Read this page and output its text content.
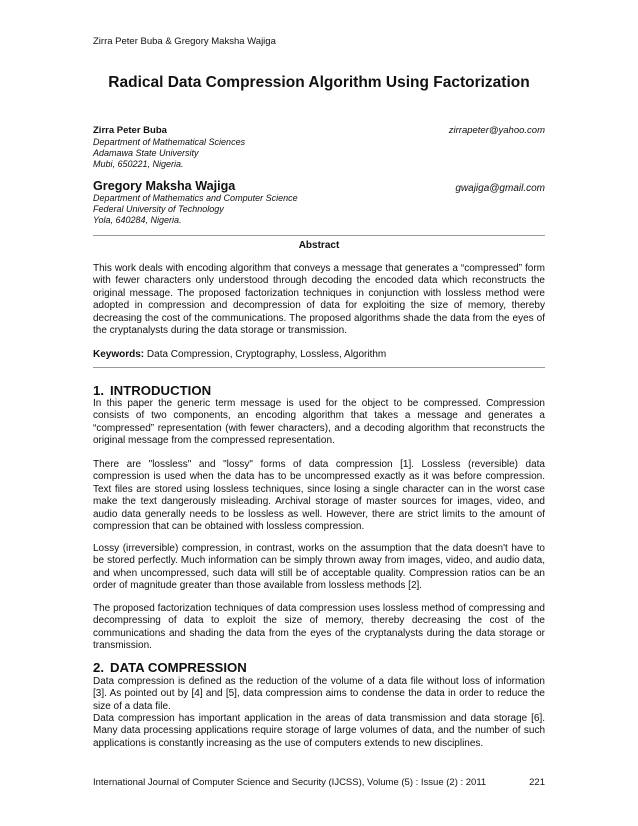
Zirra Peter Buba & Gregory Maksha Wajiga
Radical Data Compression Algorithm Using Factorization
Zirra Peter Buba	zirrapeter@yahoo.com
Department of Mathematical Sciences
Adamawa State University
Mubi, 650221, Nigeria.
Gregory Maksha Wajiga	gwajiga@gmail.com
Department of Mathematics and Computer Science
Federal University of Technology
Yola, 640284, Nigeria.
Abstract

This work deals with encoding algorithm that conveys a message that generates a “compressed” form with fewer characters only understood through decoding the encoded data which reconstructs the original message. The proposed factorization techniques in conjunction with lossless method were adopted in compression and decompression of data for exploiting the size of memory, thereby decreasing the cost of the communications. The proposed algorithms shade the data from the eyes of the cryptanalysts during the data storage or transmission.

Keywords: Data Compression, Cryptography, Lossless, Algorithm
1. INTRODUCTION

In this paper the generic term message is used for the object to be compressed. Compression consists of two components, an encoding algorithm that takes a message and generates a “compressed” representation (with fewer characters), and a decoding algorithm that reconstructs the original message from the compressed representation.

There are "lossless" and "lossy" forms of data compression [1]. Lossless (reversible) data compression is used when the data has to be uncompressed exactly as it was before compression. Text files are stored using lossless techniques, since losing a single character can in the worst case make the text dangerously misleading. Archival storage of master sources for images, video, and audio data generally needs to be lossless as well. However, there are strict limits to the amount of compression that can be obtained with lossless compression.

Lossy (irreversible) compression, in contrast, works on the assumption that the data doesn't have to be stored perfectly. Much information can be simply thrown away from images, video, and audio data, and when uncompressed, such data will still be of acceptable quality. Compression ratios can be an order of magnitude greater than those available from lossless methods [2].

The proposed factorization techniques of data compression uses lossless method of compressing and decompressing of data to exploit the size of memory, thereby decreasing the cost of the communications and shading the data from the eyes of the cryptanalysts during the data storage or transmission.

2. DATA COMPRESSION

Data compression is defined as the reduction of the volume of a data file without loss of information [3]. As pointed out by [4] and [5], data compression aims to condense the data in order to reduce the size of a data file.

Data compression has important application in the areas of data transmission and data storage [6]. Many data processing applications require storage of large volumes of data, and the number of such applications is constantly increasing as the use of computers extends to new disciplines.

International Journal of Computer Science and Security (IJCSS), Volume (5) : Issue (2) : 2011	221
